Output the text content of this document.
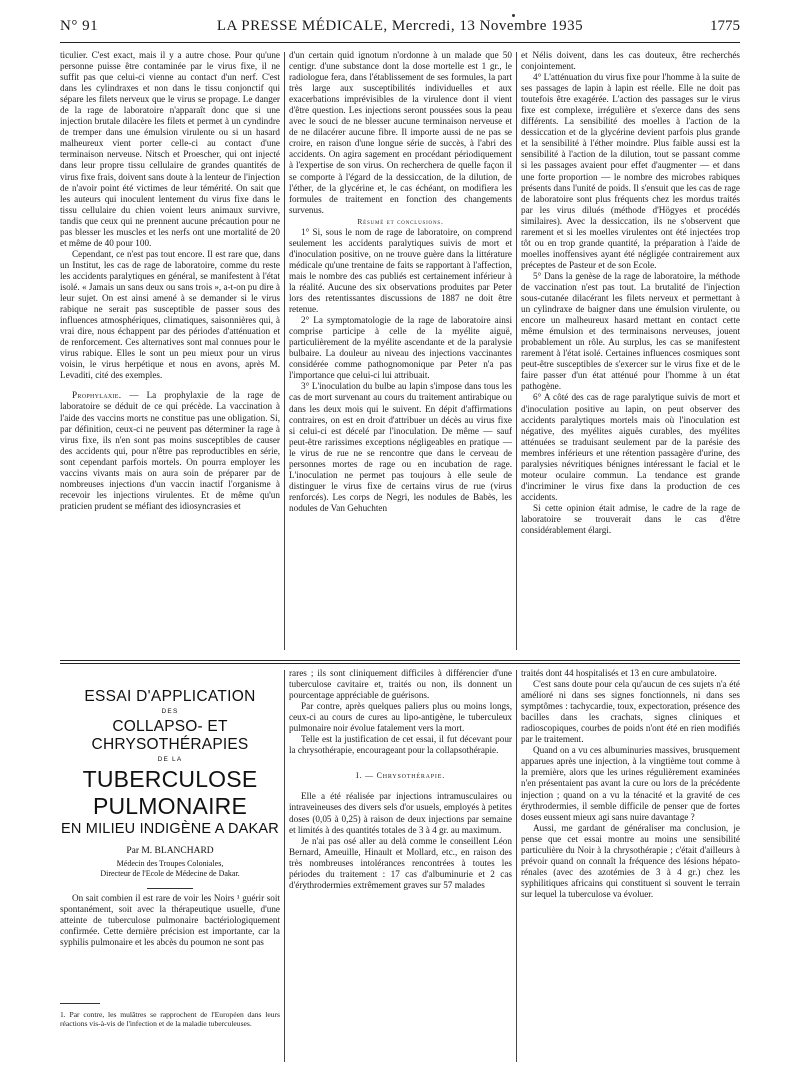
N° 91	LA PRESSE MÉDICALE, Mercredi, 13 Novembre 1935	1775

ticulier. C'est exact, mais il y a autre chose. Pour qu'une personne puisse être contaminée par le virus fixe, il ne suffit pas que celui-ci vienne au contact d'un nerf. C'est dans les cylindraxes et non dans le tissu conjonctif qui sépare les filets nerveux que le virus se propage. Le danger de la rage de laboratoire n'apparaît donc que si une injection brutale dilacère les filets et permet à un cyndindre de tremper dans une émulsion virulente ou si un hasard malheureux vient porter celle-ci au contact d'une terminaison nerveuse. Nitsch et Proescher, qui ont injecté dans leur propre tissu cellulaire de grandes quantités de virus fixe frais, doivent sans doute à la lenteur de l'injection de n'avoir point été victimes de leur témérité. On sait que les auteurs qui inoculent lentement du virus fixe dans le tissu cellulaire du chien voient leurs animaux survivre, tandis que ceux qui ne prennent aucune précaution pour ne pas blesser les muscles et les nerfs ont une mortalité de 20 et même de 40 pour 100.

Cependant, ce n'est pas tout encore. Il est rare que, dans un Institut, les cas de rage de laboratoire, comme du reste les accidents paralytiques en général, se manifestent à l'état isolé. « Jamais un sans deux ou sans trois », a-t-on pu dire à leur sujet. On est ainsi amené à se demander si le virus rabique ne serait pas susceptible de passer sous des influences atmosphériques, climatiques, saisonnières qui, à vrai dire, nous échappent par des périodes d'atténuation et de renforcement. Ces alternatives sont mal connues pour le virus rabique. Elles le sont un peu mieux pour un virus voisin, le virus herpétique et nous en avons, après M. Levaditi, cité des exemples.

Prophylaxie. — La prophylaxie de la rage de laboratoire se déduit de ce qui précède. La vaccination à l'aide des vaccins morts ne constitue pas une obligation. Si, par définition, ceux-ci ne peuvent pas déterminer la rage à virus fixe, ils n'en sont pas moins susceptibles de causer des accidents qui, pour n'être pas reproductibles en série, sont cependant parfois mortels. On pourra employer les vaccins vivants mais on aura soin de préparer par de nombreuses injections d'un vaccin inactif l'organisme à recevoir les injections virulentes. Et de même qu'un praticien prudent se méfiant des idiosyncrasies et

d'un certain quid ignotum n'ordonne à un malade que 50 centigr. d'une substance dont la dose mortelle est 1 gr., le radiologue fera, dans l'établissement de ses formules, la part très large aux susceptibilités individuelles et aux exacerbations imprévisibles de la virulence dont il vient d'être question. Les injections seront poussées sous la peau avec le souci de ne blesser aucune terminaison nerveuse et de ne dilacérer aucune fibre. Il importe aussi de ne pas se croire, en raison d'une longue série de succès, à l'abri des accidents. On agira sagement en procédant périodiquement à l'expertise de son virus. On recherchera de quelle façon il se comporte à l'égard de la dessiccation, de la dilution, de l'éther, de la glycérine et, le cas échéant, on modifiera les formules de traitement en fonction des changements survenus.

Résumé et conclusions.

1° Si, sous le nom de rage de laboratoire, on comprend seulement les accidents paralytiques suivis de mort et d'inoculation positive, on ne trouve guère dans la littérature médicale qu'une trentaine de faits se rapportant à l'affection, mais le nombre des cas publiés est certainement inférieur à la réalité. Aucune des six observations produites par Peter lors des retentissantes discussions de 1887 ne doit être retenue.

2° La symptomatologie de la rage de laboratoire ainsi comprise participe à celle de la myélite aiguë, particulièrement de la myélite ascendante et de la paralysie bulbaire. La douleur au niveau des injections vaccinantes considérée comme pathognomonique par Peter n'a pas l'importance que celui-ci lui attribuait.

3° L'inoculation du bulbe au lapin s'impose dans tous les cas de mort survenant au cours du traitement antirabique ou dans les deux mois qui le suivent. En dépit d'affirmations contraires, on est en droit d'attribuer un décès au virus fixe si celui-ci est décelé par l'inoculation. De même — sauf peut-être rarissimes exceptions négligeables en pratique — le virus de rue ne se rencontre que dans le cerveau de personnes mortes de rage ou en incubation de rage. L'inoculation ne permet pas toujours à elle seule de distinguer le virus fixe de certains virus de rue (virus renforcés). Les corps de Negri, les nodules de Babès, les nodules de Van Gehuchten

et Nélis doivent, dans les cas douteux, être recherchés conjointement.

4° L'atténuation du virus fixe pour l'homme à la suite de ses passages de lapin à lapin est réelle. Elle ne doit pas toutefois être exagérée. L'action des passages sur le virus fixe est complexe, irrégulière et s'exerce dans des sens différents. La sensibilité des moelles à l'action de la dessiccation et de la glycérine devient parfois plus grande et la sensibilité à l'éther moindre. Plus faible aussi est la sensibilité à l'action de la dilution, tout se passant comme si les passages avaient pour effet d'augmenter — et dans une forte proportion — le nombre des microbes rabiques présents dans l'unité de poids. Il s'ensuit que les cas de rage de laboratoire sont plus fréquents chez les mordus traités par les virus dilués (méthode d'Högyes et procédés similaires). Avec la dessiccation, ils ne s'observent que rarement et si les moelles virulentes ont été injectées trop tôt ou en trop grande quantité, la préparation à l'aide de moelles inoffensives ayant été négligée contrairement aux préceptes de Pasteur et de son Ecole.

5° Dans la genèse de la rage de laboratoire, la méthode de vaccination n'est pas tout. La brutalité de l'injection sous-cutanée dilacérant les filets nerveux et permettant à un cylindraxe de baigner dans une émulsion virulente, ou encore un malheureux hasard mettant en contact cette même émulsion et des terminaisons nerveuses, jouent probablement un rôle. Au surplus, les cas se manifestent rarement à l'état isolé. Certaines influences cosmiques sont peut-être susceptibles de s'exercer sur le virus fixe et de le faire passer d'un état atténué pour l'homme à un état pathogène.

6° A côté des cas de rage paralytique suivis de mort et d'inoculation positive au lapin, on peut observer des accidents paralytiques mortels mais où l'inoculation est négative, des myélites aiguës curables, des myélites atténuées se traduisant seulement par de la parésie des membres inférieurs et une rétention passagère d'urine, des paralysies névritiques bénignes intéressant le facial et le moteur oculaire commun. La tendance est grande d'incriminer le virus fixe dans la production de ces accidents.

Si cette opinion était admise, le cadre de la rage de laboratoire se trouverait dans le cas d'être considérablement élargi.

ESSAI D'APPLICATION
DES
COLLAPSO- ET CHRYSOTHÉRAPIES
DE LA
TUBERCULOSE PULMONAIRE
EN MILIEU INDIGÈNE A DAKAR
Par M. BLANCHARD
Médecin des Troupes Coloniales,
Directeur de l'Ecole de Médecine de Dakar.

On sait combien il est rare de voir les Noirs ¹ guérir soit spontanément, soit avec la thérapeutique usuelle, d'une atteinte de tuberculose pulmonaire bactériologiquement confirmée. Cette dernière précision est importante, car la syphilis pulmonaire et les abcès du poumon ne sont pas

1. Par contre, les mulâtres se rapprochent de l'Européen dans leurs réactions vis-à-vis de l'infection et de la maladie tuberculeuses.

rares ; ils sont cliniquement difficiles à différencier d'une tuberculose cavitaire et, traités ou non, ils donnent un pourcentage appréciable de guérisons.

Par contre, après quelques paliers plus ou moins longs, ceux-ci au cours de cures au lipo-antigène, le tuberculeux pulmonaire noir évolue fatalement vers la mort.

Telle est la justification de cet essai, il fut décevant pour la chrysothérapie, encourageant pour la collapsothérapie.

I. — Chrysothérapie.

Elle a été réalisée par injections intramusculaires ou intraveineuses des divers sels d'or usuels, employés à petites doses (0,05 à 0,25) à raison de deux injections par semaine et limités à des quantités totales de 3 à 4 gr. au maximum.

Je n'ai pas osé aller au delà comme le conseillent Léon Bernard, Ameuille, Hinault et Mollard, etc., en raison des très nombreuses intolérances rencontrées à toutes les périodes du traitement : 17 cas d'albuminurie et 2 cas d'érythrodermies extrêmement graves sur 57 malades

traités dont 44 hospitalisés et 13 en cure ambulatoire.

C'est sans doute pour cela qu'aucun de ces sujets n'a été amélioré ni dans ses signes fonctionnels, ni dans ses symptômes : tachycardie, toux, expectoration, présence des bacilles dans les crachats, signes cliniques et radioscopiques, courbes de poids n'ont été en rien modifiés par le traitement.

Quand on a vu ces albuminuries massives, brusquement apparues après une injection, à la vingtième tout comme à la première, alors que les urines régulièrement examinées n'en présentaient pas avant la cure ou lors de la précédente injection ; quand on a vu la ténacité et la gravité de ces érythrodermies, il semble difficile de penser que de fortes doses eussent mieux agi sans nuire davantage ?

Aussi, me gardant de généraliser ma conclusion, je pense que cet essai montre au moins une sensibilité particulière du Noir à la chrysothérapie ; c'était d'ailleurs à prévoir quand on connaît la fréquence des lésions hépato-rénales (avec des azotémies de 3 à 4 gr.) chez les syphilitiques africains qui constituent si souvent le terrain sur lequel la tuberculose va évoluer.
